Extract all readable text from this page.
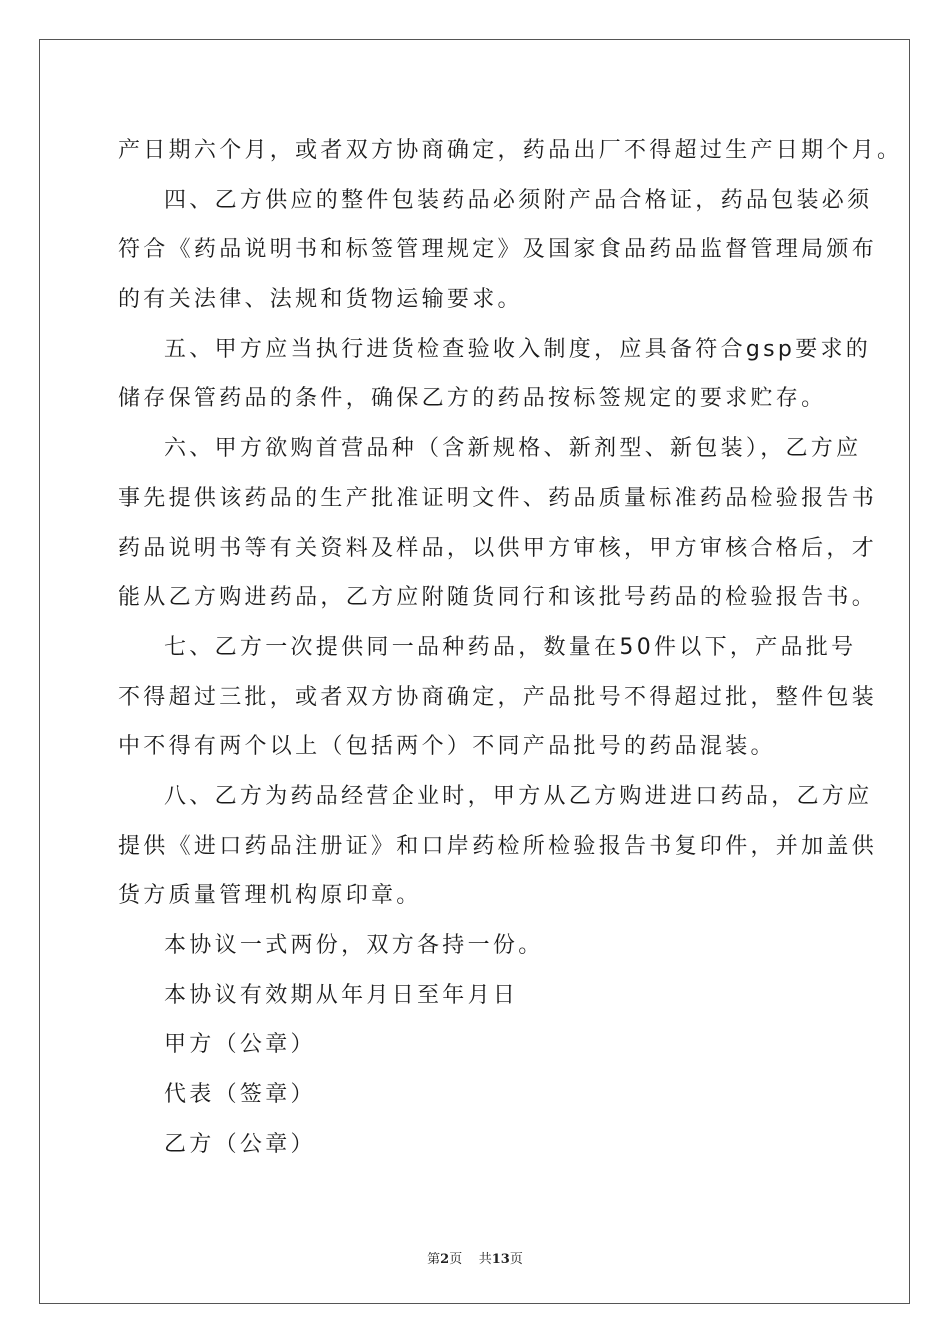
产日期六个月，或者双方协商确定，药品出厂不得超过生产日期个月。
四、乙方供应的整件包装药品必须附产品合格证，药品包装必须
符合《药品说明书和标签管理规定》及国家食品药品监督管理局颁布
的有关法律、法规和货物运输要求。
五、甲方应当执行进货检查验收入制度，应具备符合gsp要求的
储存保管药品的条件，确保乙方的药品按标签规定的要求贮存。
六、甲方欲购首营品种（含新规格、新剂型、新包装），乙方应
事先提供该药品的生产批准证明文件、药品质量标准药品检验报告书
药品说明书等有关资料及样品，以供甲方审核，甲方审核合格后，才
能从乙方购进药品，乙方应附随货同行和该批号药品的检验报告书。
七、乙方一次提供同一品种药品，数量在50件以下，产品批号
不得超过三批，或者双方协商确定，产品批号不得超过批，整件包装
中不得有两个以上（包括两个）不同产品批号的药品混装。
八、乙方为药品经营企业时，甲方从乙方购进进口药品，乙方应
提供《进口药品注册证》和口岸药检所检验报告书复印件，并加盖供
货方质量管理机构原印章。
本协议一式两份，双方各持一份。
本协议有效期从年月日至年月日
甲方（公章）
代表（签章）
乙方（公章）
第2页 共13页
